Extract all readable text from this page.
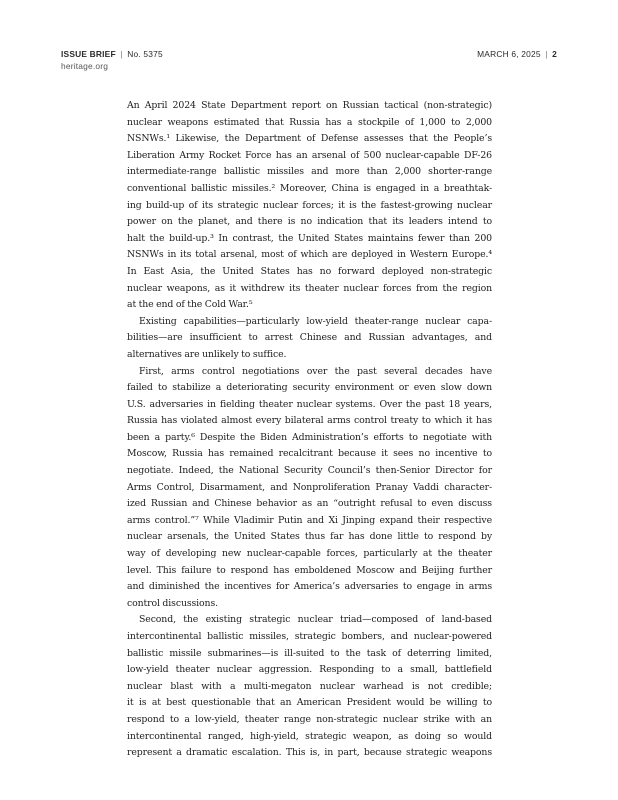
ISSUE BRIEF | No. 5375
heritage.org
MARCH 6, 2025 | 2
An April 2024 State Department report on Russian tactical (non-strategic)
nuclear weapons estimated that Russia has a stockpile of 1,000 to 2,000
NSNWs.¹ Likewise, the Department of Defense assesses that the People’s
Liberation Army Rocket Force has an arsenal of 500 nuclear-capable DF-26
intermediate-range ballistic missiles and more than 2,000 shorter-range
conventional ballistic missiles.² Moreover, China is engaged in a breathtak-
ing build-up of its strategic nuclear forces; it is the fastest-growing nuclear
power on the planet, and there is no indication that its leaders intend to
halt the build-up.³ In contrast, the United States maintains fewer than 200
NSNWs in its total arsenal, most of which are deployed in Western Europe.⁴
In East Asia, the United States has no forward deployed non-strategic
nuclear weapons, as it withdrew its theater nuclear forces from the region
at the end of the Cold War.⁵
Existing capabilities—particularly low-yield theater-range nuclear capa-
bilities—are insufficient to arrest Chinese and Russian advantages, and
alternatives are unlikely to suffice.
First, arms control negotiations over the past several decades have
failed to stabilize a deteriorating security environment or even slow down
U.S. adversaries in fielding theater nuclear systems. Over the past 18 years,
Russia has violated almost every bilateral arms control treaty to which it has
been a party.⁶ Despite the Biden Administration’s efforts to negotiate with
Moscow, Russia has remained recalcitrant because it sees no incentive to
negotiate. Indeed, the National Security Council’s then-Senior Director for
Arms Control, Disarmament, and Nonproliferation Pranay Vaddi character-
ized Russian and Chinese behavior as an “outright refusal to even discuss
arms control.”⁷ While Vladimir Putin and Xi Jinping expand their respective
nuclear arsenals, the United States thus far has done little to respond by
way of developing new nuclear-capable forces, particularly at the theater
level. This failure to respond has emboldened Moscow and Beijing further
and diminished the incentives for America’s adversaries to engage in arms
control discussions.
Second, the existing strategic nuclear triad—composed of land-based
intercontinental ballistic missiles, strategic bombers, and nuclear-powered
ballistic missile submarines—is ill-suited to the task of deterring limited,
low-yield theater nuclear aggression. Responding to a small, battlefield
nuclear blast with a multi-megaton nuclear warhead is not credible;
it is at best questionable that an American President would be willing to
respond to a low-yield, theater range non-strategic nuclear strike with an
intercontinental ranged, high-yield, strategic weapon, as doing so would
represent a dramatic escalation. This is, in part, because strategic weapons
